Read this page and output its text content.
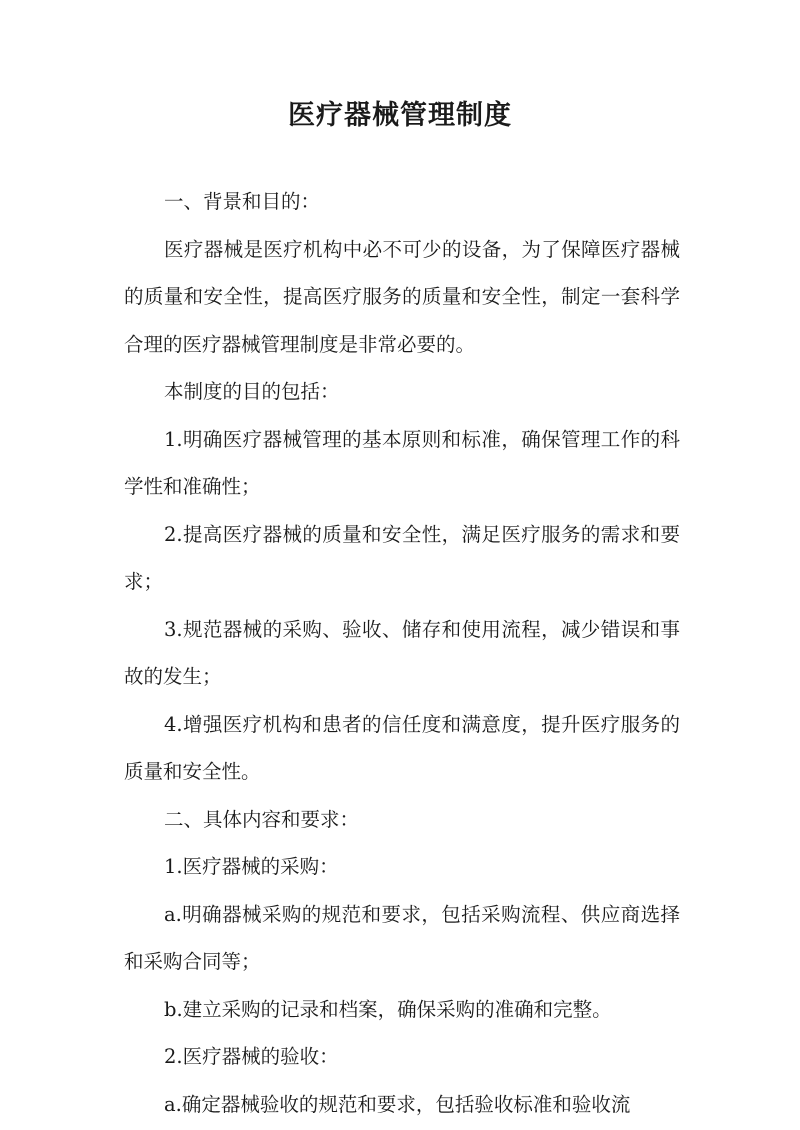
医疗器械管理制度

一、背景和目的：

医疗器械是医疗机构中必不可少的设备，为了保障医疗器械的质量和安全性，提高医疗服务的质量和安全性，制定一套科学合理的医疗器械管理制度是非常必要的。

本制度的目的包括：

1.明确医疗器械管理的基本原则和标准，确保管理工作的科学性和准确性；

2.提高医疗器械的质量和安全性，满足医疗服务的需求和要求；

3.规范器械的采购、验收、储存和使用流程，减少错误和事故的发生；

4.增强医疗机构和患者的信任度和满意度，提升医疗服务的质量和安全性。

二、具体内容和要求：

1.医疗器械的采购：

a.明确器械采购的规范和要求，包括采购流程、供应商选择和采购合同等；

b.建立采购的记录和档案，确保采购的准确和完整。

2.医疗器械的验收：

a.确定器械验收的规范和要求，包括验收标准和验收流
